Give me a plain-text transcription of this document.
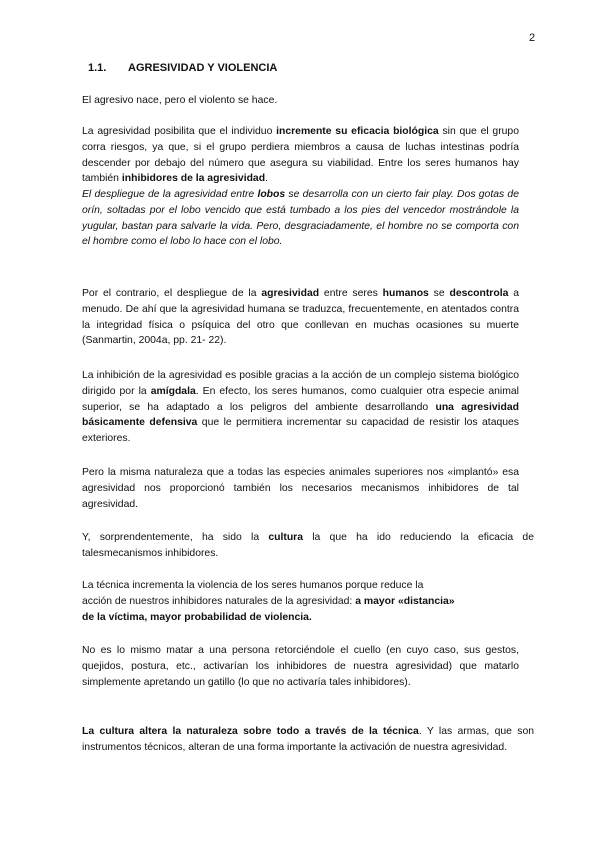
2
1.1. AGRESIVIDAD Y VIOLENCIA

El agresivo nace, pero el violento se hace.

La agresividad posibilita que el individuo incremente su eficacia biológica sin que el grupo corra riesgos, ya que, si el grupo perdiera miembros a causa de luchas intestinas podría descender por debajo del número que asegura su viabilidad. Entre los seres humanos hay también inhibidores de la agresividad.

El despliegue de la agresividad entre lobos se desarrolla con un cierto fair play. Dos gotas de orín, soltadas por el lobo vencido que está tumbado a los pies del vencedor mostrándole la yugular, bastan para salvarle la vida. Pero, desgraciadamente, el hombre no se comporta con el hombre como el lobo lo hace con el lobo.

Por el contrario, el despliegue de la agresividad entre seres humanos se descontrola a menudo. De ahí que la agresividad humana se traduzca, frecuentemente, en atentados contra la integridad física o psíquica del otro que conllevan en muchas ocasiones su muerte (Sanmartin, 2004a, pp. 21- 22).

La inhibición de la agresividad es posible gracias a la acción de un complejo sistema biológico dirigido por la amígdala. En efecto, los seres humanos, como cualquier otra especie animal superior, se ha adaptado a los peligros del ambiente desarrollando una agresividad básicamente defensiva que le permitiera incrementar su capacidad de resistir los ataques exteriores.

Pero la misma naturaleza que a todas las especies animales superiores nos «implantó» esa agresividad nos proporcionó también los necesarios mecanismos inhibidores de tal agresividad.

Y, sorprendentemente, ha sido la cultura la que ha ido reduciendo la eficacia de talesmecanismos inhibidores.

La técnica incrementa la violencia de los seres humanos porque reduce la
acción de nuestros inhibidores naturales de la agresividad: a mayor «distancia»
de la víctima, mayor probabilidad de violencia.

No es lo mismo matar a una persona retorciéndole el cuello (en cuyo caso, sus gestos, quejidos, postura, etc., activarían los inhibidores de nuestra agresividad) que matarlo simplemente apretando un gatillo (lo que no activaría tales inhibidores).

La cultura altera la naturaleza sobre todo a través de la técnica. Y las armas, que son instrumentos técnicos, alteran de una forma importante la activación de nuestra agresividad.
